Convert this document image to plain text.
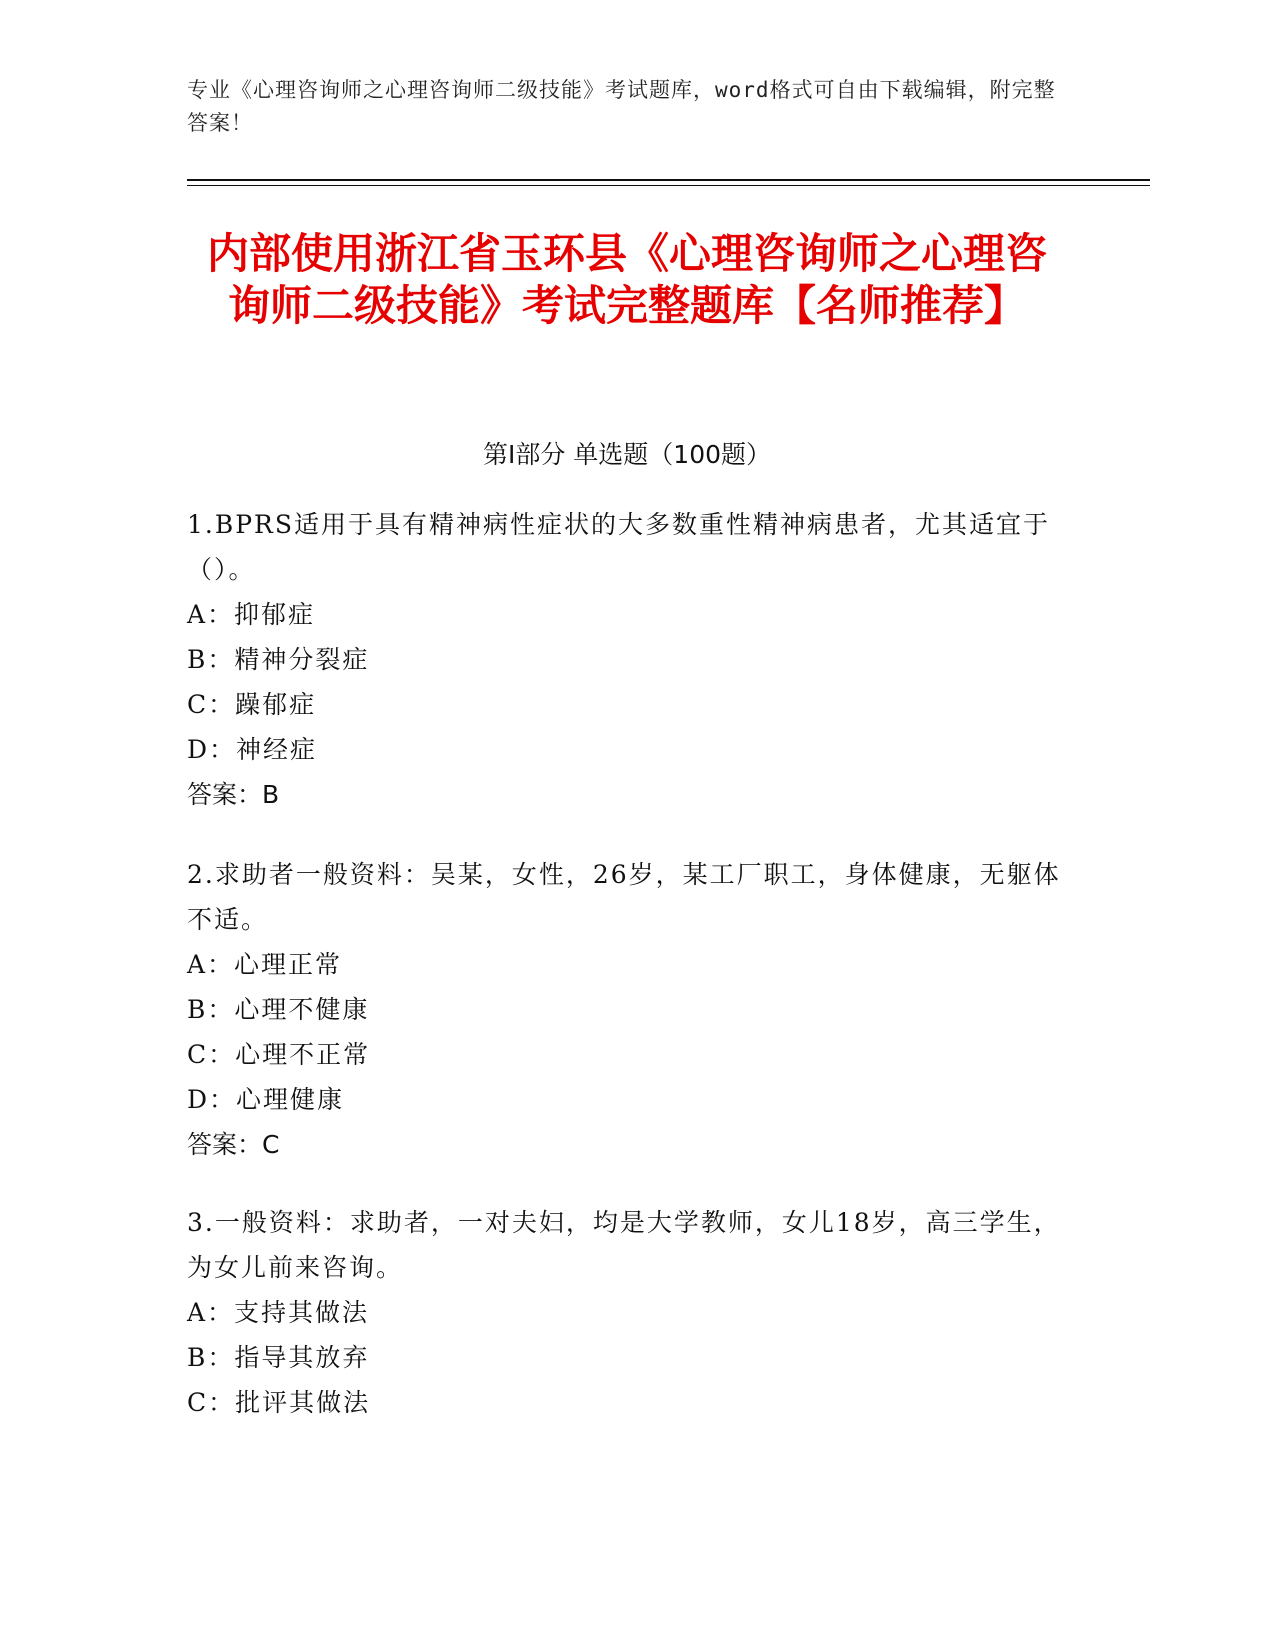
专业《心理咨询师之心理咨询师二级技能》考试题库，word格式可自由下载编辑，附完整答案！
内部使用浙江省玉环县《心理咨询师之心理咨询师二级技能》考试完整题库【名师推荐】
第Ⅰ部分 单选题（100题）

1.BPRS适用于具有精神病性症状的大多数重性精神病患者，尤其适宜于（）。

A：抑郁症

B：精神分裂症

C：躁郁症

D：神经症

答案：B

2.求助者一般资料：吴某，女性，26岁，某工厂职工，身体健康，无躯体不适。

A：心理正常

B：心理不健康

C：心理不正常

D：心理健康

答案：C

3.一般资料：求助者，一对夫妇，均是大学教师，女儿18岁，高三学生，为女儿前来咨询。

A：支持其做法

B：指导其放弃

C：批评其做法
